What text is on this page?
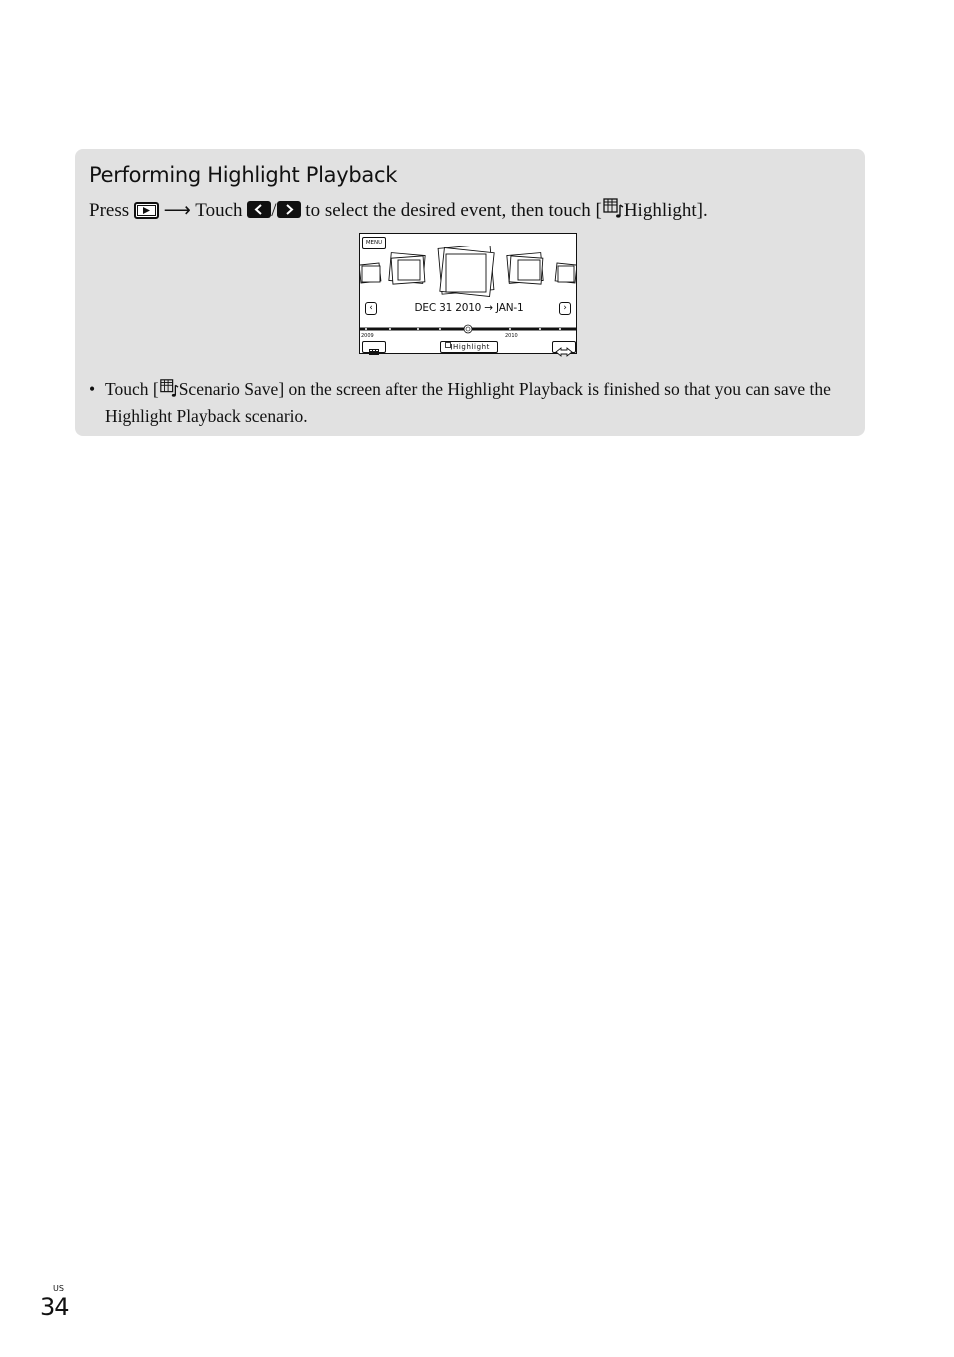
Performing Highlight Playback
Press ⟶ Touch / to select the desired event, then touch [ Highlight].
MENU
‹	DEC 31 2010 → JAN-1	›
2009	2010
Highlight
• Touch [ Scenario Save] on the screen after the Highlight Playback is finished so that you can save the Highlight Playback scenario.
US
34
